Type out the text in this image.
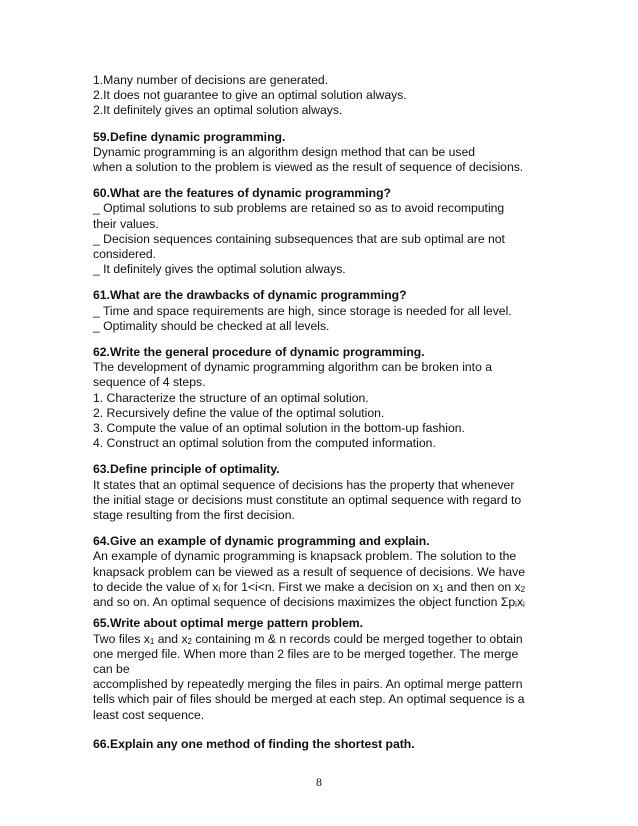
1.Many number of decisions are generated.
2.It does not guarantee to give an optimal solution always.
2.It definitely gives an optimal solution always.
59.Define dynamic programming.
Dynamic programming is an algorithm design method that can be used
when a solution to the problem is viewed as the result of sequence of decisions.
60.What are the features of dynamic programming?
_ Optimal solutions to sub problems are retained so as to avoid recomputing
their values.
_ Decision sequences containing subsequences that are sub optimal are not
considered.
_ It definitely gives the optimal solution always.
61.What are the drawbacks of dynamic programming?
_ Time and space requirements are high, since storage is needed for all level.
_ Optimality should be checked at all levels.
62.Write the general procedure of dynamic programming.
The development of dynamic programming algorithm can be broken into a
sequence of 4 steps.
1. Characterize the structure of an optimal solution.
2. Recursively define the value of the optimal solution.
3. Compute the value of an optimal solution in the bottom-up fashion.
4. Construct an optimal solution from the computed information.
63.Define principle of optimality.
It states that an optimal sequence of decisions has the property that whenever
the initial stage or decisions must constitute an optimal sequence with regard to
stage resulting from the first decision.
64.Give an example of dynamic programming and explain.
An example of dynamic programming is knapsack problem. The solution to the
knapsack problem can be viewed as a result of sequence of decisions. We have
to decide the value of $x_i$ for 1<i<n. First we make a decision on $x_1$ and then on $x_2$
and so on. An optimal sequence of decisions maximizes the object function $\Sigma p_ix_i$
65.Write about optimal merge pattern problem.
Two files $x_1$ and $x_2$ containing m & n records could be merged together to obtain
one merged file. When more than 2 files are to be merged together. The merge
can be
accomplished by repeatedly merging the files in pairs. An optimal merge pattern
tells which pair of files should be merged at each step. An optimal sequence is a
least cost sequence.
66.Explain any one method of finding the shortest path.
8
